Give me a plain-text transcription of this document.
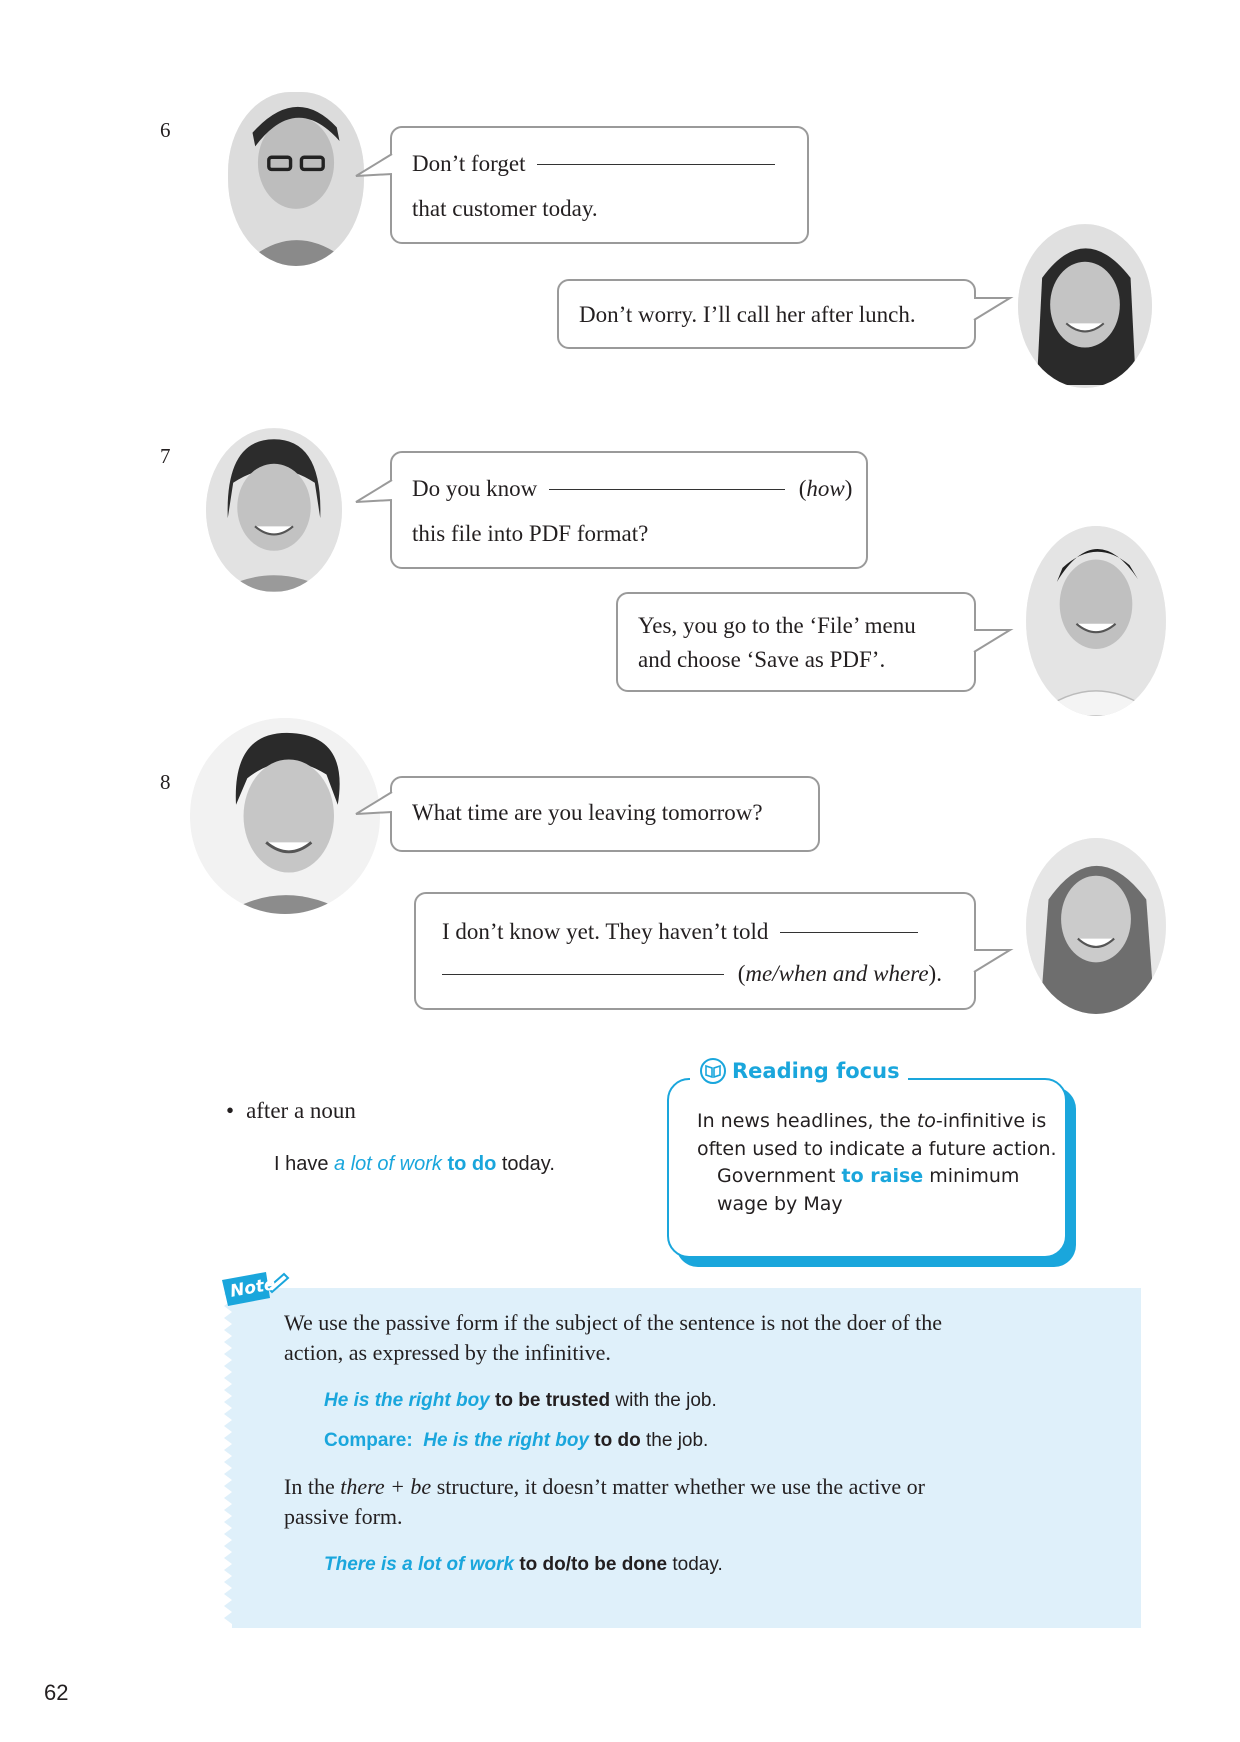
6
Don’t forget
that customer today.
Don’t worry. I’ll call her after lunch.
7
Do you know	(how)
this file into PDF format?
Yes, you go to the ‘File’ menu
and choose ‘Save as PDF’.
8
What time are you leaving tomorrow?
I don’t know yet. They haven’t told
(me/when and where).
• after a noun
I have a lot of work to do today.
In news headlines, the to-infinitive is
often used to indicate a future action.
Government to raise minimum
wage by May
Reading focus
We use the passive form if the subject of the sentence is not the doer of the action, as expressed by the infinitive.
He is the right boy to be trusted with the job.
Compare: He is the right boy to do the job.
In the there + be structure, it doesn’t matter whether we use the active or passive form.
There is a lot of work to do/to be done today.
Note
62
